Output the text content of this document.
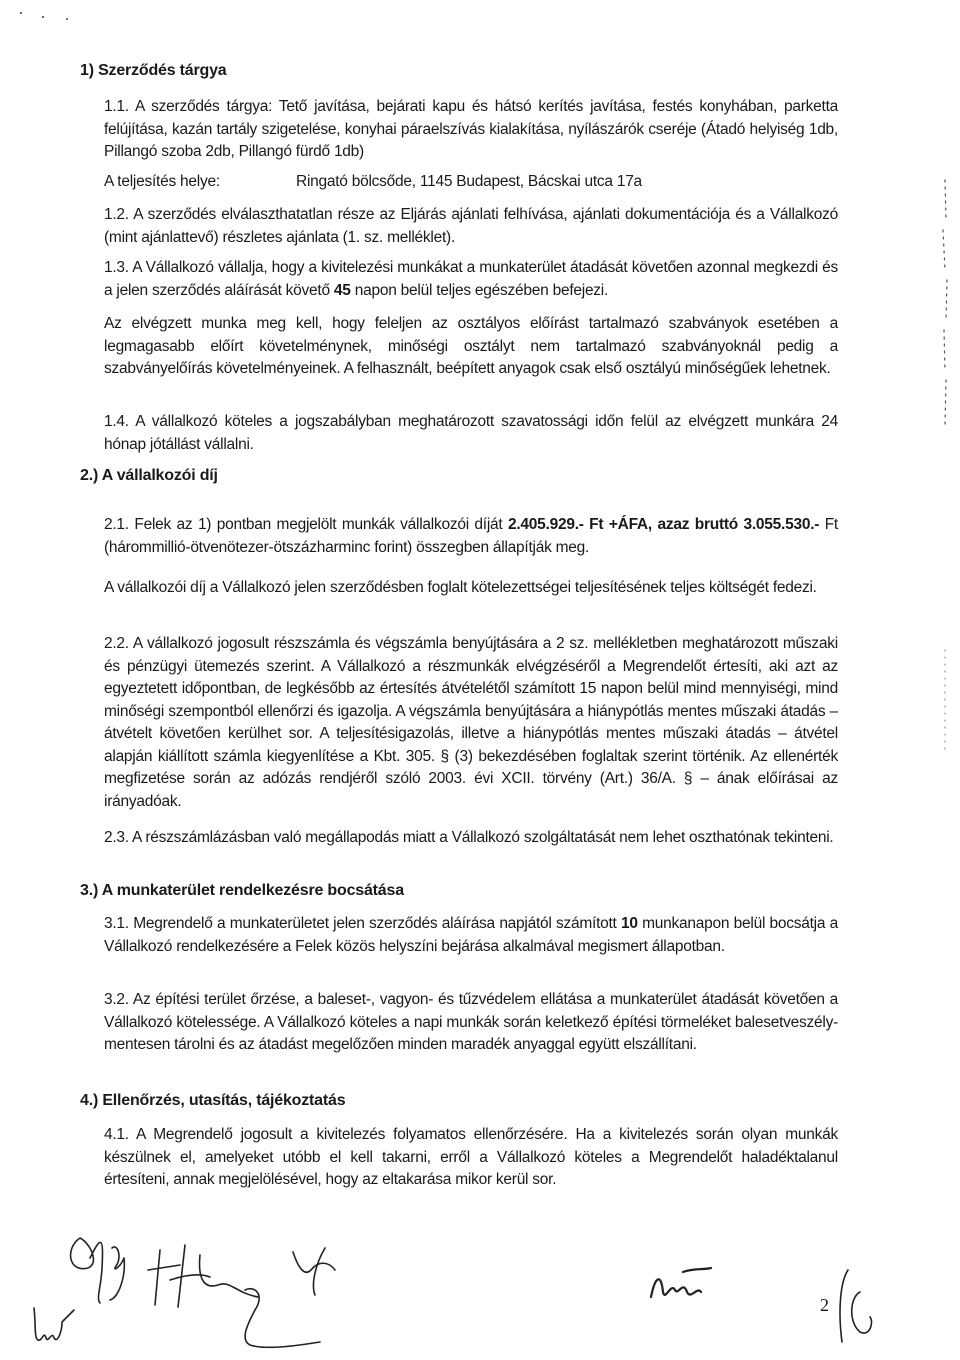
1) Szerződés tárgya
1.1. A szerződés tárgya: Tető javítása, bejárati kapu és hátsó kerítés javítása, festés konyhában, parketta felújítása, kazán tartály szigetelése, konyhai páraelszívás kialakítása, nyílászárók cseréje (Átadó helyiség 1db, Pillangó szoba 2db, Pillangó fürdő 1db)
A teljesítés helye:	Ringató bölcsőde, 1145 Budapest, Bácskai utca 17a
1.2. A szerződés elválaszthatatlan része az Eljárás ajánlati felhívása, ajánlati dokumentációja és a Vállalkozó (mint ajánlattevő) részletes ajánlata (1. sz. melléklet).
1.3. A Vállalkozó vállalja, hogy a kivitelezési munkákat a munkaterület átadását követően azonnal megkezdi és a jelen szerződés aláírását követő 45 napon belül teljes egészében befejezi.
Az elvégzett munka meg kell, hogy feleljen az osztályos előírást tartalmazó szabványok esetében a legmagasabb előírt követelménynek, minőségi osztályt nem tartalmazó szabványoknál pedig a szabványelőírás követelményeinek. A felhasznált, beépített anyagok csak első osztályú minőségűek lehetnek.
1.4. A vállalkozó köteles a jogszabályban meghatározott szavatossági időn felül az elvégzett munkára 24 hónap jótállást vállalni.
2.) A vállalkozói díj
2.1. Felek az 1) pontban megjelölt munkák vállalkozói díját 2.405.929.- Ft +ÁFA, azaz bruttó 3.055.530.- Ft (hárommillió-ötvenötezer-ötszázharminc forint) összegben állapítják meg.
A vállalkozói díj a Vállalkozó jelen szerződésben foglalt kötelezettségei teljesítésének teljes költségét fedezi.
2.2. A vállalkozó jogosult részszámla és végszámla benyújtására a 2 sz. mellékletben meghatározott műszaki és pénzügyi ütemezés szerint. A Vállalkozó a részmunkák elvégzéséről a Megrendelőt értesíti, aki azt az egyeztetett időpontban, de legkésőbb az értesítés átvételétől számított 15 napon belül mind mennyiségi, mind minőségi szempontból ellenőrzi és igazolja. A végszámla benyújtására a hiánypótlás mentes műszaki átadás – átvételt követően kerülhet sor. A teljesítésigazolás, illetve a hiánypótlás mentes műszaki átadás – átvétel alapján kiállított számla kiegyenlítése a Kbt. 305. § (3) bekezdésében foglaltak szerint történik. Az ellenérték megfizetése során az adózás rendjéről szóló 2003. évi XCII. törvény (Art.) 36/A. § – ának előírásai az irányadóak.
2.3. A részszámlázásban való megállapodás miatt a Vállalkozó szolgáltatását nem lehet oszthatónak tekinteni.
3.) A munkaterület rendelkezésre bocsátása
3.1. Megrendelő a munkaterületet jelen szerződés aláírása napjától számított 10 munkanapon belül bocsátja a Vállalkozó rendelkezésére a Felek közös helyszíni bejárása alkalmával megismert állapotban.
3.2. Az építési terület őrzése, a baleset-, vagyon- és tűzvédelem ellátása a munkaterület átadását követően a Vállalkozó kötelessége. A Vállalkozó köteles a napi munkák során keletkező építési törmeléket balesetveszély-mentesen tárolni és az átadást megelőzően minden maradék anyaggal együtt elszállítani.
4.) Ellenőrzés, utasítás, tájékoztatás
4.1. A Megrendelő jogosult a kivitelezés folyamatos ellenőrzésére. Ha a kivitelezés során olyan munkák készülnek el, amelyeket utóbb el kell takarni, erről a Vállalkozó köteles a Megrendelőt haladéktalanul értesíteni, annak megjelölésével, hogy az eltakarása mikor kerül sor.
2
